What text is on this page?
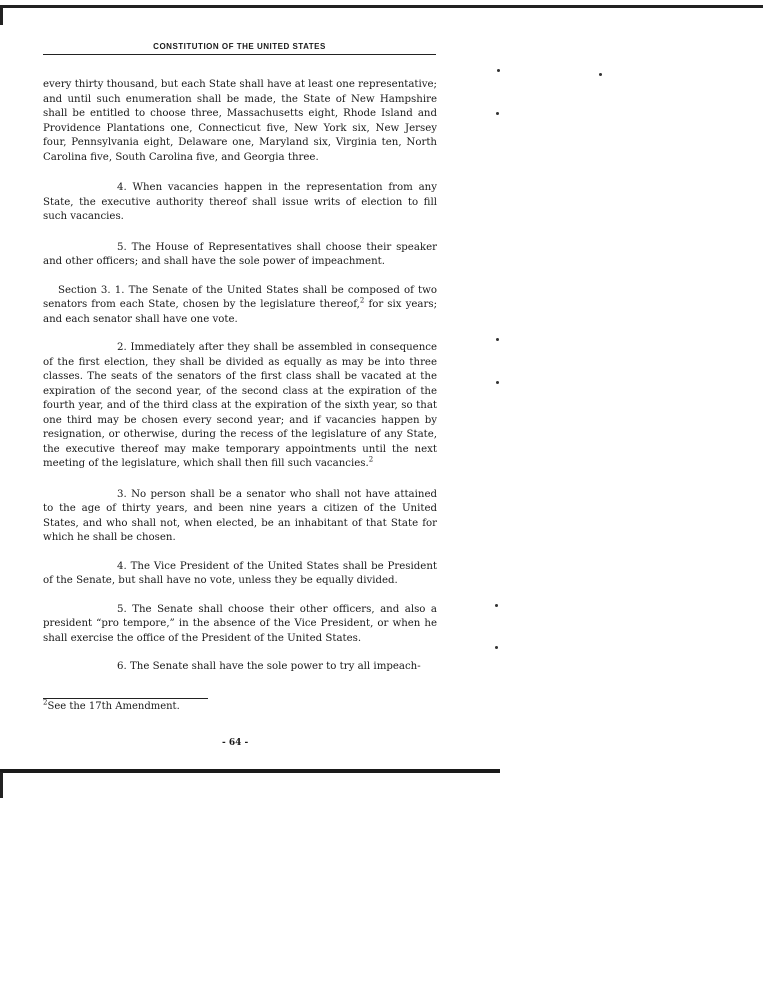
CONSTITUTION OF THE UNITED STATES

every thirty thousand, but each State shall have at least one representative; and until such enumeration shall be made, the State of New Hampshire shall be entitled to choose three, Massachusetts eight, Rhode Island and Providence Plantations one, Connecticut five, New York six, New Jersey four, Pennsylvania eight, Delaware one, Maryland six, Virginia ten, North Carolina five, South Carolina five, and Georgia three.

4. When vacancies happen in the representation from any State, the executive authority thereof shall issue writs of election to fill such vacancies.

5. The House of Representatives shall choose their speaker and other officers; and shall have the sole power of impeachment.

Section 3. 1. The Senate of the United States shall be composed of two senators from each State, chosen by the legislature thereof,$^2$ for six years; and each senator shall have one vote.

2. Immediately after they shall be assembled in consequence of the first election, they shall be divided as equally as may be into three classes. The seats of the senators of the first class shall be vacated at the expiration of the second year, of the second class at the expiration of the fourth year, and of the third class at the expiration of the sixth year, so that one third may be chosen every second year; and if vacancies happen by resignation, or otherwise, during the recess of the legislature of any State, the executive thereof may make temporary appointments until the next meeting of the legislature, which shall then fill such vacancies.$^2$

3. No person shall be a senator who shall not have attained to the age of thirty years, and been nine years a citizen of the United States, and who shall not, when elected, be an inhabitant of that State for which he shall be chosen.

4. The Vice President of the United States shall be President of the Senate, but shall have no vote, unless they be equally divided.

5. The Senate shall choose their other officers, and also a president “pro tempore,” in the absence of the Vice President, or when he shall exercise the office of the President of the United States.

6. The Senate shall have the sole power to try all impeach-

$^2$See the 17th Amendment.
- 64 -
